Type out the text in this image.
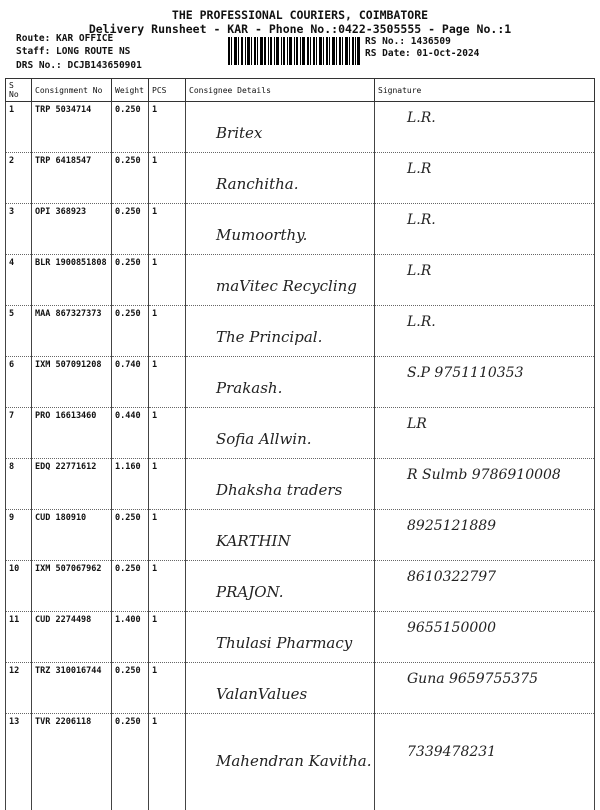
THE PROFESSIONAL COURIERS, COIMBATORE
Delivery Runsheet - KAR - Phone No.:0422-3505555 - Page No.:1
Route: KAR OFFICE
Staff: LONG ROUTE NS
DRS No.: DCJB143650901
RS No.: 1436509
RS Date: 01-Oct-2024
S No	Consignment No	Weight	PCS	Consignee Details	Signature
1	TRP 5034714	0.250	1	Britex	L.R.

2	TRP 6418547	0.250	1	Ranchitha.	L.R

3	OPI 368923	0.250	1	Mumoorthy.	L.R.

4	BLR 1900851808	0.250	1	maVitec Recycling	L.R

5	MAA 867327373	0.250	1	The Principal.	L.R.

6	IXM 507091208	0.740	1	Prakash.	S.P 9751110353

7	PRO 16613460	0.440	1	Sofia Allwin.	LR

8	EDQ 22771612	1.160	1	Dhaksha traders	R Sulmb 9786910008

9	CUD 180910	0.250	1	KARTHIN	8925121889

10	IXM 507067962	0.250	1	PRAJON.	8610322797

11	CUD 2274498	1.400	1	Thulasi Pharmacy	9655150000

12	TRZ 310016744	0.250	1	ValanValues	Guna 9659755375

13	TVR 2206118	0.250	1	Mahendran Kavitha.	7339478231
